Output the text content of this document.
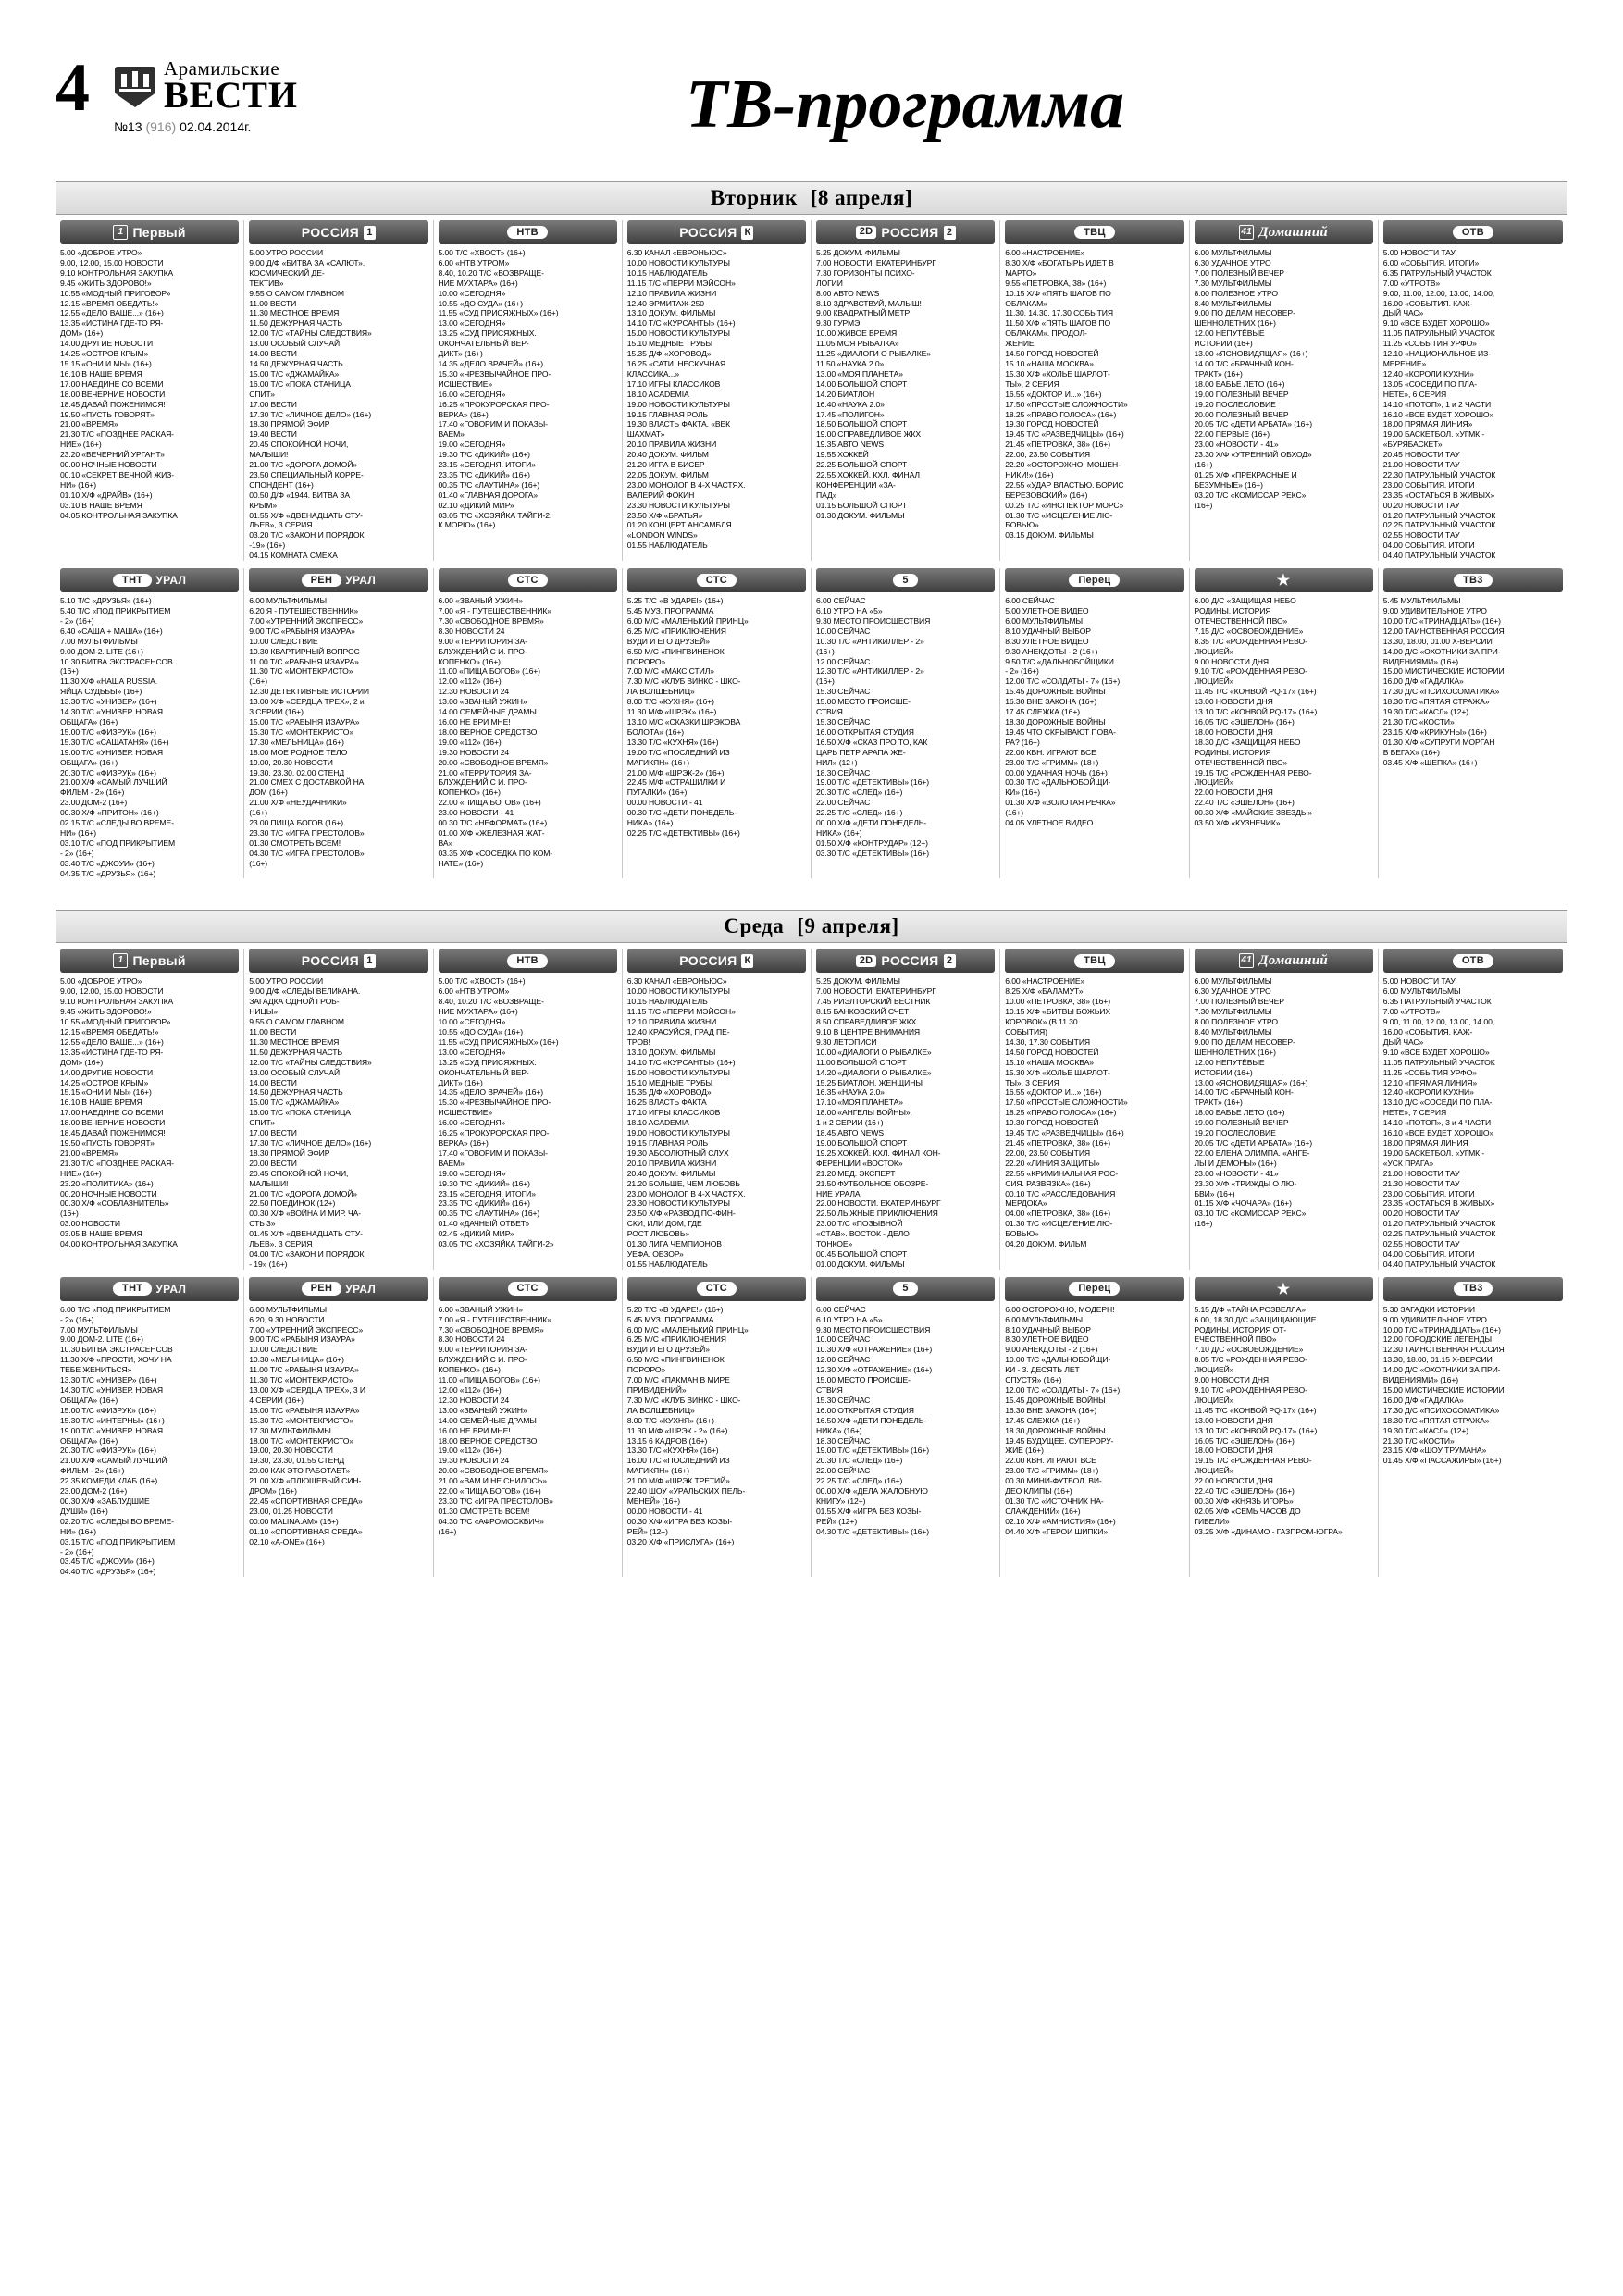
4	Арамильские
ВЕСТИ
№13 (916) 02.04.2014г.	ТВ-программа
Вторник [8 апреля]
1 Первый
5.00 «ДОБРОЕ УТРО»
9.00, 12.00, 15.00 НОВОСТИ
9.10 КОНТРОЛЬНАЯ ЗАКУПКА
9.45 «ЖИТЬ ЗДОРОВО!»
10.55 «МОДНЫЙ ПРИГОВОР»
12.15 «ВРЕМЯ ОБЕДАТЬ!»
12.55 «ДЕЛО ВАШЕ...» (16+)
13.35 «ИСТИНА ГДЕ-ТО РЯ-
ДОМ» (16+)
14.00 ДРУГИЕ НОВОСТИ
14.25 «ОСТРОВ КРЫМ»
15.15 «ОНИ И МЫ» (16+)
16.10 В НАШЕ ВРЕМЯ
17.00 НАЕДИНЕ СО ВСЕМИ
18.00 ВЕЧЕРНИЕ НОВОСТИ
18.45 ДАВАЙ ПОЖЕНИМСЯ!
19.50 «ПУСТЬ ГОВОРЯТ»
21.00 «ВРЕМЯ»
21.30 Т/С «ПОЗДНЕЕ РАСКАЯ-
НИЕ» (16+)
23.20 «ВЕЧЕРНИЙ УРГАНТ»
00.00 НОЧНЫЕ НОВОСТИ
00.10 «СЕКРЕТ ВЕЧНОЙ ЖИЗ-
НИ» (16+)
01.10 Х/Ф «ДРАЙВ» (16+)
03.10 В НАШЕ ВРЕМЯ
04.05 КОНТРОЛЬНАЯ ЗАКУПКА
РОССИЯ 1
5.00 УТРО РОССИИ
9.00 Д/Ф «БИТВА ЗА «САЛЮТ».
КОСМИЧЕСКИЙ ДЕ-
ТЕКТИВ»
9.55 О САМОМ ГЛАВНОМ
11.00 ВЕСТИ
11.30 МЕСТНОЕ ВРЕМЯ
11.50 ДЕЖУРНАЯ ЧАСТЬ
12.00 Т/С «ТАЙНЫ СЛЕДСТВИЯ»
13.00 ОСОБЫЙ СЛУЧАЙ
14.00 ВЕСТИ
14.50 ДЕЖУРНАЯ ЧАСТЬ
15.00 Т/С «ДЖАМАЙКА»
16.00 Т/С «ПОКА СТАНИЦА
СПИТ»
17.00 ВЕСТИ
17.30 Т/С «ЛИЧНОЕ ДЕЛО» (16+)
18.30 ПРЯМОЙ ЭФИР
19.40 ВЕСТИ
20.45 СПОКОЙНОЙ НОЧИ,
МАЛЫШИ!
21.00 Т/С «ДОРОГА ДОМОЙ»
23.50 СПЕЦИАЛЬНЫЙ КОРРЕ-
СПОНДЕНТ (16+)
00.50 Д/Ф «1944. БИТВА ЗА
КРЫМ»
01.55 Х/Ф «ДВЕНАДЦАТЬ СТУ-
ЛЬЕВ», 3 СЕРИЯ
03.20 Т/С «ЗАКОН И ПОРЯДОК
-19» (16+)
04.15 КОМНАТА СМЕХА
НТВ
5.00 Т/С «ХВОСТ» (16+)
6.00 «НТВ УТРОМ»
8.40, 10.20 Т/С «ВОЗВРАЩЕ-
НИЕ МУХТАРА» (16+)
10.00 «СЕГОДНЯ»
10.55 «ДО СУДА» (16+)
11.55 «СУД ПРИСЯЖНЫХ» (16+)
13.00 «СЕГОДНЯ»
13.25 «СУД ПРИСЯЖНЫХ.
ОКОНЧАТЕЛЬНЫЙ ВЕР-
ДИКТ» (16+)
14.35 «ДЕЛО ВРАЧЕЙ» (16+)
15.30 «ЧРЕЗВЫЧАЙНОЕ ПРО-
ИСШЕСТВИЕ»
16.00 «СЕГОДНЯ»
16.25 «ПРОКУРОРСКАЯ ПРО-
ВЕРКА» (16+)
17.40 «ГОВОРИМ И ПОКАЗЫ-
ВАЕМ»
19.00 «СЕГОДНЯ»
19.30 Т/С «ДИКИЙ» (16+)
23.15 «СЕГОДНЯ. ИТОГИ»
23.35 Т/С «ДИКИЙ» (16+)
00.35 Т/С «ЛАУТИНА» (16+)
01.40 «ГЛАВНАЯ ДОРОГА»
02.10 «ДИКИЙ МИР»
03.05 Т/С «ХОЗЯЙКА ТАЙГИ-2.
К МОРЮ» (16+)
РОССИЯ К
6.30 КАНАЛ «ЕВРОНЬЮС»
10.00 НОВОСТИ КУЛЬТУРЫ
10.15 НАБЛЮДАТЕЛЬ
11.15 Т/С «ПЕРРИ МЭЙСОН»
12.10 ПРАВИЛА ЖИЗНИ
12.40 ЭРМИТАЖ-250
13.10 ДОКУМ. ФИЛЬМЫ
14.10 Т/С «КУРСАНТЫ» (16+)
15.00 НОВОСТИ КУЛЬТУРЫ
15.10 МЕДНЫЕ ТРУБЫ
15.35 Д/Ф «ХОРОВОД»
16.25 «САТИ. НЕСКУЧНАЯ
КЛАССИКА...»
17.10 ИГРЫ КЛАССИКОВ
18.10 ACADEMIA
19.00 НОВОСТИ КУЛЬТУРЫ
19.15 ГЛАВНАЯ РОЛЬ
19.30 ВЛАСТЬ ФАКТА. «ВЕК
ШАХМАТ»
20.10 ПРАВИЛА ЖИЗНИ
20.40 ДОКУМ. ФИЛЬМ
21.20 ИГРА В БИСЕР
22.05 ДОКУМ. ФИЛЬМ
23.00 МОНОЛОГ В 4-Х ЧАСТЯХ.
ВАЛЕРИЙ ФОКИН
23.30 НОВОСТИ КУЛЬТУРЫ
23.50 Х/Ф «БРАТЬЯ»
01.20 КОНЦЕРТ АНСАМБЛЯ
«LONDON WINDS»
01.55 НАБЛЮДАТЕЛЬ
2D РОССИЯ 2
5.25 ДОКУМ. ФИЛЬМЫ
7.00 НОВОСТИ. ЕКАТЕРИНБУРГ
7.30 ГОРИЗОНТЫ ПСИХО-
ЛОГИИ
8.00 АВТО NEWS
8.10 ЗДРАВСТВУЙ, МАЛЫШ!
9.00 КВАДРАТНЫЙ МЕТР
9.30 ГУРМЭ
10.00 ЖИВОЕ ВРЕМЯ
11.05 МОЯ РЫБАЛКА»
11.25 «ДИАЛОГИ О РЫБАЛКЕ»
11.50 «НАУКА 2.0»
13.00 «МОЯ ПЛАНЕТА»
14.00 БОЛЬШОЙ СПОРТ
14.20 БИАТЛОН
16.40 «НАУКА 2.0»
17.45 «ПОЛИГОН»
18.50 БОЛЬШОЙ СПОРТ
19.00 СПРАВЕДЛИВОЕ ЖКХ
19.35 АВТО NEWS
19.55 ХОККЕЙ
22.25 БОЛЬШОЙ СПОРТ
22.55 ХОККЕЙ. КХЛ. ФИНАЛ
КОНФЕРЕНЦИИ «ЗА-
ПАД»
01.15 БОЛЬШОЙ СПОРТ
01.30 ДОКУМ. ФИЛЬМЫ
ТВЦ
6.00 «НАСТРОЕНИЕ»
8.30 Х/Ф «БОГАТЫРЬ ИДЕТ В
МАРТО»
9.55 «ПЕТРОВКА, 38» (16+)
10.15 Х/Ф «ПЯТЬ ШАГОВ ПО
ОБЛАКАМ»
11.30, 14.30, 17.30 СОБЫТИЯ
11.50 Х/Ф «ПЯТЬ ШАГОВ ПО
ОБЛАКАМ». ПРОДОЛ-
ЖЕНИЕ
14.50 ГОРОД НОВОСТЕЙ
15.10 «НАША МОСКВА»
15.30 Х/Ф «КОЛЬЕ ШАРЛОТ-
ТЫ», 2 СЕРИЯ
16.55 «ДОКТОР И...» (16+)
17.50 «ПРОСТЫЕ СЛОЖНОСТИ»
18.25 «ПРАВО ГОЛОСА» (16+)
19.30 ГОРОД НОВОСТЕЙ
19.45 Т/С «РАЗВЕДЧИЦЫ» (16+)
21.45 «ПЕТРОВКА, 38» (16+)
22.00, 23.50 СОБЫТИЯ
22.20 «ОСТОРОЖНО, МОШЕН-
НИКИ!» (16+)
22.55 «УДАР ВЛАСТЬЮ. БОРИС
БЕРЕЗОВСКИЙ» (16+)
00.25 Т/С «ИНСПЕКТОР МОРС»
01.30 Т/С «ИСЦЕЛЕНИЕ ЛЮ-
БОВЬЮ»
03.15 ДОКУМ. ФИЛЬМЫ
41 Домашний
6.00 МУЛЬТФИЛЬМЫ
6.30 УДАЧНОЕ УТРО
7.00 ПОЛЕЗНЫЙ ВЕЧЕР
7.30 МУЛЬТФИЛЬМЫ
8.00 ПОЛЕЗНОЕ УТРО
8.40 МУЛЬТФИЛЬМЫ
9.00 ПО ДЕЛАМ НЕСОВЕР-
ШЕННОЛЕТНИХ (16+)
12.00 НЕПУТЁВЫЕ
ИСТОРИИ (16+)
13.00 «ЯСНОВИДЯЩАЯ» (16+)
14.00 Т/С «БРАЧНЫЙ КОН-
ТРАКТ» (16+)
18.00 БАБЬЕ ЛЕТО (16+)
19.00 ПОЛЕЗНЫЙ ВЕЧЕР
19.20 ПОСЛЕСЛОВИЕ
20.00 ПОЛЕЗНЫЙ ВЕЧЕР
20.05 Т/С «ДЕТИ АРБАТА» (16+)
22.00 ПЕРВЫЕ (16+)
23.00 «НОВОСТИ - 41»
23.30 Х/Ф «УТРЕННИЙ ОБХОД»
(16+)
01.25 Х/Ф «ПРЕКРАСНЫЕ И
БЕЗУМНЫЕ» (16+)
03.20 Т/С «КОМИССАР РЕКС»
(16+)
ОТВ
5.00 НОВОСТИ ТАУ
6.00 «СОБЫТИЯ. ИТОГИ»
6.35 ПАТРУЛЬНЫЙ УЧАСТОК
7.00 «УТРОТВ»
9.00, 11.00, 12.00, 13.00, 14.00,
16.00 «СОБЫТИЯ. КАЖ-
ДЫЙ ЧАС»
9.10 «ВСЕ БУДЕТ ХОРОШО»
11.05 ПАТРУЛЬНЫЙ УЧАСТОК
11.25 «СОБЫТИЯ УРФО»
12.10 «НАЦИОНАЛЬНОЕ ИЗ-
МЕРЕНИЕ»
12.40 «КОРОЛИ КУХНИ»
13.05 «СОСЕДИ ПО ПЛА-
НЕТЕ», 6 СЕРИЯ
14.10 «ПОТОП», 1 и 2 ЧАСТИ
16.10 «ВСЕ БУДЕТ ХОРОШО»
18.00 ПРЯМАЯ ЛИНИЯ»
19.00 БАСКЕТБОЛ. «УГМК -
«БУРЯБАСКЕТ»
20.45 НОВОСТИ ТАУ
21.00 НОВОСТИ ТАУ
22.30 ПАТРУЛЬНЫЙ УЧАСТОК
23.00 СОБЫТИЯ. ИТОГИ
23.35 «ОСТАТЬСЯ В ЖИВЫХ»
00.20 НОВОСТИ ТАУ
01.20 ПАТРУЛЬНЫЙ УЧАСТОК
02.25 ПАТРУЛЬНЫЙ УЧАСТОК
02.55 НОВОСТИ ТАУ
04.00 СОБЫТИЯ. ИТОГИ
04.40 ПАТРУЛЬНЫЙ УЧАСТОК
ТНТ	УРАЛ
5.10 Т/С «ДРУЗЬЯ» (16+)
5.40 Т/С «ПОД ПРИКРЫТИЕМ
- 2» (16+)
6.40 «САША + МАША» (16+)
7.00 МУЛЬТФИЛЬМЫ
9.00 ДОМ-2. LITE (16+)
10.30 БИТВА ЭКСТРАСЕНСОВ
(16+)
11.30 Х/Ф «НАША RUSSIA.
ЯЙЦА СУДЬБЫ» (16+)
13.30 Т/С «УНИВЕР» (16+)
14.30 Т/С «УНИВЕР. НОВАЯ
ОБЩАГА» (16+)
15.00 Т/С «ФИЗРУК» (16+)
15.30 Т/С «САШАТАНЯ» (16+)
19.00 Т/С «УНИВЕР. НОВАЯ
ОБЩАГА» (16+)
20.30 Т/С «ФИЗРУК» (16+)
21.00 Х/Ф «САМЫЙ ЛУЧШИЙ
ФИЛЬМ - 2» (16+)
23.00 ДОМ-2 (16+)
00.30 Х/Ф «ПРИТОН» (16+)
02.15 Т/С «СЛЕДЫ ВО ВРЕМЕ-
НИ» (16+)
03.10 Т/С «ПОД ПРИКРЫТИЕМ
- 2» (16+)
03.40 Т/С «ДЖОУИ» (16+)
04.35 Т/С «ДРУЗЬЯ» (16+)
РЕН	УРАЛ
6.00 МУЛЬТФИЛЬМЫ
6.20 Я - ПУТЕШЕСТВЕННИК»
7.00 «УТРЕННИЙ ЭКСПРЕСС»
9.00 Т/С «РАБЫНЯ ИЗАУРА»
10.00 СЛЕДСТВИЕ
10.30 КВАРТИРНЫЙ ВОПРОС
11.00 Т/С «РАБЫНЯ ИЗАУРА»
11.30 Т/С «МОНТЕКРИСТО»
(16+)
12.30 ДЕТЕКТИВНЫЕ ИСТОРИИ
13.00 Х/Ф «СЕРДЦА ТРЕХ», 2 и
3 СЕРИИ (16+)
15.00 Т/С «РАБЫНЯ ИЗАУРА»
15.30 Т/С «МОНТЕКРИСТО»
17.30 «МЕЛЬНИЦА» (16+)
18.00 МОЕ РОДНОЕ ТЕЛО
19.00, 20.30 НОВОСТИ
19.30, 23.30, 02.00 СТЕНД
21.00 СМЕХ С ДОСТАВКОЙ НА
ДОМ (16+)
21.00 Х/Ф «НЕУДАЧНИКИ»
(16+)
23.00 ПИЩА БОГОВ (16+)
23.30 Т/С «ИГРА ПРЕСТОЛОВ»
01.30 СМОТРЕТЬ ВСЕМ!
04.30 Т/С «ИГРА ПРЕСТОЛОВ»
(16+)
СТС
6.00 «ЗВАНЫЙ УЖИН»
7.00 «Я - ПУТЕШЕСТВЕННИК»
7.30 «СВОБОДНОЕ ВРЕМЯ»
8.30 НОВОСТИ 24
9.00 «ТЕРРИТОРИЯ ЗА-
БЛУЖДЕНИЙ С И. ПРО-
КОПЕНКО» (16+)
11.00 «ПИЩА БОГОВ» (16+)
12.00 «112» (16+)
12.30 НОВОСТИ 24
13.00 «ЗВАНЫЙ УЖИН»
14.00 СЕМЕЙНЫЕ ДРАМЫ
16.00 НЕ ВРИ МНЕ!
18.00 ВЕРНОЕ СРЕДСТВО
19.00 «112» (16+)
19.30 НОВОСТИ 24
20.00 «СВОБОДНОЕ ВРЕМЯ»
21.00 «ТЕРРИТОРИЯ ЗА-
БЛУЖДЕНИЙ С И. ПРО-
КОПЕНКО» (16+)
22.00 «ПИЩА БОГОВ» (16+)
23.00 НОВОСТИ - 41
00.30 Т/С «НЕФОРМАТ» (16+)
01.00 Х/Ф «ЖЕЛЕЗНАЯ ЖАТ-
ВА»
03.35 Х/Ф «СОСЕДКА ПО КОМ-
НАТЕ» (16+)
СТС
5.25 Т/С «В УДАРЕ!» (16+)
5.45 МУЗ. ПРОГРАММА
6.00 М/С «МАЛЕНЬКИЙ ПРИНЦ»
6.25 М/С «ПРИКЛЮЧЕНИЯ
ВУДИ И ЕГО ДРУЗЕЙ»
6.50 М/С «ПИНГВИНЕНОК
ПОРОРО»
7.00 М/С «МАКС СТИЛ»
7.30 М/С «КЛУБ ВИНКС - ШКО-
ЛА ВОЛШЕБНИЦ»
8.00 Т/С «КУХНЯ» (16+)
11.30 М/Ф «ШРЭК» (16+)
13.10 М/С «СКАЗКИ ШРЭКОВА
БОЛОТА» (16+)
13.30 Т/С «КУХНЯ» (16+)
19.00 Т/С «ПОСЛЕДНИЙ ИЗ
МАГИКЯН» (16+)
21.00 М/Ф «ШРЭК-2» (16+)
22.45 М/Ф «СТРАШИЛКИ И
ПУГАЛКИ» (16+)
00.00 НОВОСТИ - 41
00.30 Т/С «ДЕТИ ПОНЕДЕЛЬ-
НИКА» (16+)
02.25 Т/С «ДЕТЕКТИВЫ» (16+)
5
6.00 СЕЙЧАС
6.10 УТРО НА «5»
9.30 МЕСТО ПРОИСШЕСТВИЯ
10.00 СЕЙЧАС
10.30 Т/С «АНТИКИЛЛЕР - 2»
(16+)
12.00 СЕЙЧАС
12.30 Т/С «АНТИКИЛЛЕР - 2»
(16+)
15.30 СЕЙЧАС
15.00 МЕСТО ПРОИСШЕ-
СТВИЯ
15.30 СЕЙЧАС
16.00 ОТКРЫТАЯ СТУДИЯ
16.50 Х/Ф «СКАЗ ПРО ТО, КАК
ЦАРЬ ПЕТР АРАПА ЖЕ-
НИЛ» (12+)
18.30 СЕЙЧАС
19.00 Т/С «ДЕТЕКТИВЫ» (16+)
20.30 Т/С «СЛЕД» (16+)
22.00 СЕЙЧАС
22.25 Т/С «СЛЕД» (16+)
00.00 Х/Ф «ДЕТИ ПОНЕДЕЛЬ-
НИКА» (16+)
01.50 Х/Ф «КОНТРУДАР» (12+)
03.30 Т/С «ДЕТЕКТИВЫ» (16+)
Перец
6.00 СЕЙЧАС
5.00 УЛЕТНОЕ ВИДЕО
6.00 МУЛЬТФИЛЬМЫ
8.10 УДАЧНЫЙ ВЫБОР
8.30 УЛЕТНОЕ ВИДЕО
9.30 АНЕКДОТЫ - 2 (16+)
9.50 Т/С «ДАЛЬНОБОЙЩИКИ
- 2» (16+)
12.00 Т/С «СОЛДАТЫ - 7» (16+)
15.45 ДОРОЖНЫЕ ВОЙНЫ
16.30 ВНЕ ЗАКОНА (16+)
17.45 СЛЕЖКА (16+)
18.30 ДОРОЖНЫЕ ВОЙНЫ
19.45 ЧТО СКРЫВАЮТ ПОВА-
РА? (16+)
22.00 КВН. ИГРАЮТ ВСЕ
23.00 Т/С «ГРИММ» (18+)
00.00 УДАЧНАЯ НОЧЬ (16+)
00.30 Т/С «ДАЛЬНОБОЙЩИ-
КИ» (16+)
01.30 Х/Ф «ЗОЛОТАЯ РЕЧКА»
(16+)
04.05 УЛЕТНОЕ ВИДЕО
★
6.00 Д/С «ЗАЩИЩАЯ НЕБО
РОДИНЫ. ИСТОРИЯ
ОТЕЧЕСТВЕННОЙ ПВО»
7.15 Д/С «ОСВОБОЖДЕНИЕ»
8.35 Т/С «РОЖДЕННАЯ РЕВО-
ЛЮЦИЕЙ»
9.00 НОВОСТИ ДНЯ
9.10 Т/С «РОЖДЕННАЯ РЕВО-
ЛЮЦИЕЙ»
11.45 Т/С «КОНВОЙ PQ-17» (16+)
13.00 НОВОСТИ ДНЯ
13.10 Т/С «КОНВОЙ PQ-17» (16+)
16.05 Т/С «ЭШЕЛОН» (16+)
18.00 НОВОСТИ ДНЯ
18.30 Д/С «ЗАЩИЩАЯ НЕБО
РОДИНЫ. ИСТОРИЯ
ОТЕЧЕСТВЕННОЙ ПВО»
19.15 Т/С «РОЖДЕННАЯ РЕВО-
ЛЮЦИЕЙ»
22.00 НОВОСТИ ДНЯ
22.40 Т/С «ЭШЕЛОН» (16+)
00.30 Х/Ф «МАЙСКИЕ ЗВЕЗДЫ»
03.50 Х/Ф «КУЗНЕЧИК»
ТВ3
5.45 МУЛЬТФИЛЬМЫ
9.00 УДИВИТЕЛЬНОЕ УТРО
10.00 Т/С «ТРИНАДЦАТЬ» (16+)
12.00 ТАИНСТВЕННАЯ РОССИЯ
13.30, 18.00, 01.00 Х-ВЕРСИИ
14.00 Д/С «ОХОТНИКИ ЗА ПРИ-
ВИДЕНИЯМИ» (16+)
15.00 МИСТИЧЕСКИЕ ИСТОРИИ
16.00 Д/Ф «ГАДАЛКА»
17.30 Д/С «ПСИХОСОМАТИКА»
18.30 Т/С «ПЯТАЯ СТРАЖА»
19.30 Т/С «КАСЛ» (12+)
21.30 Т/С «КОСТИ»
23.15 Х/Ф «КРИКУНЫ» (16+)
01.30 Х/Ф «СУПРУГИ МОРГАН
В БЕГАХ» (16+)
03.45 Х/Ф «ЩЕПКА» (16+)
Среда [9 апреля]
1 Первый
5.00 «ДОБРОЕ УТРО»
9.00, 12.00, 15.00 НОВОСТИ
9.10 КОНТРОЛЬНАЯ ЗАКУПКА
9.45 «ЖИТЬ ЗДОРОВО!»
10.55 «МОДНЫЙ ПРИГОВОР»
12.15 «ВРЕМЯ ОБЕДАТЬ!»
12.55 «ДЕЛО ВАШЕ...» (16+)
13.35 «ИСТИНА ГДЕ-ТО РЯ-
ДОМ» (16+)
14.00 ДРУГИЕ НОВОСТИ
14.25 «ОСТРОВ КРЫМ»
15.15 «ОНИ И МЫ» (16+)
16.10 В НАШЕ ВРЕМЯ
17.00 НАЕДИНЕ СО ВСЕМИ
18.00 ВЕЧЕРНИЕ НОВОСТИ
18.45 ДАВАЙ ПОЖЕНИМСЯ!
19.50 «ПУСТЬ ГОВОРЯТ»
21.00 «ВРЕМЯ»
21.30 Т/С «ПОЗДНЕЕ РАСКАЯ-
НИЕ» (16+)
23.20 «ПОЛИТИКА» (16+)
00.20 НОЧНЫЕ НОВОСТИ
00.30 Х/Ф «СОБЛАЗНИТЕЛЬ»
(16+)
03.00 НОВОСТИ
03.05 В НАШЕ ВРЕМЯ
04.00 КОНТРОЛЬНАЯ ЗАКУПКА
РОССИЯ 1
5.00 УТРО РОССИИ
9.00 Д/Ф «СЛЕДЫ ВЕЛИКАНА.
ЗАГАДКА ОДНОЙ ГРОБ-
НИЦЫ»
9.55 О САМОМ ГЛАВНОМ
11.00 ВЕСТИ
11.30 МЕСТНОЕ ВРЕМЯ
11.50 ДЕЖУРНАЯ ЧАСТЬ
12.00 Т/С «ТАЙНЫ СЛЕДСТВИЯ»
13.00 ОСОБЫЙ СЛУЧАЙ
14.00 ВЕСТИ
14.50 ДЕЖУРНАЯ ЧАСТЬ
15.00 Т/С «ДЖАМАЙКА»
16.00 Т/С «ПОКА СТАНИЦА
СПИТ»
17.00 ВЕСТИ
17.30 Т/С «ЛИЧНОЕ ДЕЛО» (16+)
18.30 ПРЯМОЙ ЭФИР
20.00 ВЕСТИ
20.45 СПОКОЙНОЙ НОЧИ,
МАЛЫШИ!
21.00 Т/С «ДОРОГА ДОМОЙ»
22.50 ПОЕДИНОК (12+)
00.30 Х/Ф «ВОЙНА И МИР. ЧА-
СТЬ 3»
01.45 Х/Ф «ДВЕНАДЦАТЬ СТУ-
ЛЬЕВ», 3 СЕРИЯ
04.00 Т/С «ЗАКОН И ПОРЯДОК
- 19» (16+)
НТВ
5.00 Т/С «ХВОСТ» (16+)
6.00 «НТВ УТРОМ»
8.40, 10.20 Т/С «ВОЗВРАЩЕ-
НИЕ МУХТАРА» (16+)
10.00 «СЕГОДНЯ»
10.55 «ДО СУДА» (16+)
11.55 «СУД ПРИСЯЖНЫХ» (16+)
13.00 «СЕГОДНЯ»
13.25 «СУД ПРИСЯЖНЫХ.
ОКОНЧАТЕЛЬНЫЙ ВЕР-
ДИКТ» (16+)
14.35 «ДЕЛО ВРАЧЕЙ» (16+)
15.30 «ЧРЕЗВЫЧАЙНОЕ ПРО-
ИСШЕСТВИЕ»
16.00 «СЕГОДНЯ»
16.25 «ПРОКУРОРСКАЯ ПРО-
ВЕРКА» (16+)
17.40 «ГОВОРИМ И ПОКАЗЫ-
ВАЕМ»
19.00 «СЕГОДНЯ»
19.30 Т/С «ДИКИЙ» (16+)
23.15 «СЕГОДНЯ. ИТОГИ»
23.35 Т/С «ДИКИЙ» (16+)
00.35 Т/С «ЛАУТИНА» (16+)
01.40 «ДАЧНЫЙ ОТВЕТ»
02.45 «ДИКИЙ МИР»
03.05 Т/С «ХОЗЯЙКА ТАЙГИ-2»
РОССИЯ К
6.30 КАНАЛ «ЕВРОНЬЮС»
10.00 НОВОСТИ КУЛЬТУРЫ
10.15 НАБЛЮДАТЕЛЬ
11.15 Т/С «ПЕРРИ МЭЙСОН»
12.10 ПРАВИЛА ЖИЗНИ
12.40 КРАСУЙСЯ, ГРАД ПЕ-
ТРОВ!
13.10 ДОКУМ. ФИЛЬМЫ
14.10 Т/С «КУРСАНТЫ» (16+)
15.00 НОВОСТИ КУЛЬТУРЫ
15.10 МЕДНЫЕ ТРУБЫ
15.35 Д/Ф «ХОРОВОД»
16.25 ВЛАСТЬ ФАКТА
17.10 ИГРЫ КЛАССИКОВ
18.10 ACADEMIA
19.00 НОВОСТИ КУЛЬТУРЫ
19.15 ГЛАВНАЯ РОЛЬ
19.30 АБСОЛЮТНЫЙ СЛУХ
20.10 ПРАВИЛА ЖИЗНИ
20.40 ДОКУМ. ФИЛЬМЫ
21.20 БОЛЬШЕ, ЧЕМ ЛЮБОВЬ
23.00 МОНОЛОГ В 4-Х ЧАСТЯХ.
23.30 НОВОСТИ КУЛЬТУРЫ
23.50 Х/Ф «РАЗВОД ПО-ФИН-
СКИ, ИЛИ ДОМ, ГДЕ
РОСТ ЛЮБОВЬ»
01.30 ЛИГА ЧЕМПИОНОВ
УЕФА. ОБЗОР»
01.55 НАБЛЮДАТЕЛЬ
2D РОССИЯ 2
5.25 ДОКУМ. ФИЛЬМЫ
7.00 НОВОСТИ. ЕКАТЕРИНБУРГ
7.45 РИЭЛТОРСКИЙ ВЕСТНИК
8.15 БАНКОВСКИЙ СЧЕТ
8.50 СПРАВЕДЛИВОЕ ЖКХ
9.10 В ЦЕНТРЕ ВНИМАНИЯ
9.30 ЛЕТОПИСИ
10.00 «ДИАЛОГИ О РЫБАЛКЕ»
11.00 БОЛЬШОЙ СПОРТ
14.20 «ДИАЛОГИ О РЫБАЛКЕ»
15.25 БИАТЛОН. ЖЕНЩИНЫ
16.35 «НАУКА 2.0»
17.10 «МОЯ ПЛАНЕТА»
18.00 «АНГЕЛЫ ВОЙНЫ»,
1 и 2 СЕРИИ (16+)
18.45 АВТО NEWS
19.00 БОЛЬШОЙ СПОРТ
19.25 ХОККЕЙ. КХЛ. ФИНАЛ КОН-
ФЕРЕНЦИИ «ВОСТОК»
21.20 МЕД. ЭКСПЕРТ
21.50 ФУТБОЛЬНОЕ ОБОЗРЕ-
НИЕ УРАЛА
22.00 НОВОСТИ. ЕКАТЕРИНБУРГ
22.50 ЛЫЖНЫЕ ПРИКЛЮЧЕНИЯ
23.00 Т/С «ПОЗЫВНОЙ
«СТАВ». ВОСТОК - ДЕЛО
ТОНКОЕ»
00.45 БОЛЬШОЙ СПОРТ
01.00 ДОКУМ. ФИЛЬМЫ
ТВЦ
6.00 «НАСТРОЕНИЕ»
8.25 Х/Ф «БАЛАМУТ»
10.00 «ПЕТРОВКА, 38» (16+)
10.15 Х/Ф «БИТВЫ БОЖЬИХ
КОРОВОК» (В 11.30
СОБЫТИЯ)
14.30, 17.30 СОБЫТИЯ
14.50 ГОРОД НОВОСТЕЙ
15.10 «НАША МОСКВА»
15.30 Х/Ф «КОЛЬЕ ШАРЛОТ-
ТЫ», 3 СЕРИЯ
16.55 «ДОКТОР И...» (16+)
17.50 «ПРОСТЫЕ СЛОЖНОСТИ»
18.25 «ПРАВО ГОЛОСА» (16+)
19.30 ГОРОД НОВОСТЕЙ
19.45 Т/С «РАЗВЕДЧИЦЫ» (16+)
21.45 «ПЕТРОВКА, 38» (16+)
22.00, 23.50 СОБЫТИЯ
22.20 «ЛИНИЯ ЗАЩИТЫ»
22.55 «КРИМИНАЛЬНАЯ РОС-
СИЯ. РАЗВЯЗКА» (16+)
00.10 Т/С «РАССЛЕДОВАНИЯ
МЕРДОКА»
04.00 «ПЕТРОВКА, 38» (16+)
01.30 Т/С «ИСЦЕЛЕНИЕ ЛЮ-
БОВЬЮ»
04.20 ДОКУМ. ФИЛЬМ
41 Домашний
6.00 МУЛЬТФИЛЬМЫ
6.30 УДАЧНОЕ УТРО
7.00 ПОЛЕЗНЫЙ ВЕЧЕР
7.30 МУЛЬТФИЛЬМЫ
8.00 ПОЛЕЗНОЕ УТРО
8.40 МУЛЬТФИЛЬМЫ
9.00 ПО ДЕЛАМ НЕСОВЕР-
ШЕННОЛЕТНИХ (16+)
12.00 НЕПУТЁВЫЕ
ИСТОРИИ (16+)
13.00 «ЯСНОВИДЯЩАЯ» (16+)
14.00 Т/С «БРАЧНЫЙ КОН-
ТРАКТ» (16+)
18.00 БАБЬЕ ЛЕТО (16+)
19.00 ПОЛЕЗНЫЙ ВЕЧЕР
19.20 ПОСЛЕСЛОВИЕ
20.05 Т/С «ДЕТИ АРБАТА» (16+)
22.00 ЕЛЕНА ОЛИМПА. «АНГЕ-
ЛЫ И ДЕМОНЫ» (16+)
23.00 «НОВОСТИ - 41»
23.30 Х/Ф «ТРИЖДЫ О ЛЮ-
БВИ» (16+)
01.15 Х/Ф «ЧОЧАРА» (16+)
03.10 Т/С «КОМИССАР РЕКС»
(16+)
ОТВ
5.00 НОВОСТИ ТАУ
6.00 МУЛЬТФИЛЬМЫ
6.35 ПАТРУЛЬНЫЙ УЧАСТОК
7.00 «УТРОТВ»
9.00, 11.00, 12.00, 13.00, 14.00,
16.00 «СОБЫТИЯ. КАЖ-
ДЫЙ ЧАС»
9.10 «ВСЕ БУДЕТ ХОРОШО»
11.05 ПАТРУЛЬНЫЙ УЧАСТОК
11.25 «СОБЫТИЯ УРФО»
12.10 «ПРЯМАЯ ЛИНИЯ»
12.40 «КОРОЛИ КУХНИ»
13.10 Д/С «СОСЕДИ ПО ПЛА-
НЕТЕ», 7 СЕРИЯ
14.10 «ПОТОП», 3 и 4 ЧАСТИ
16.10 «ВСЕ БУДЕТ ХОРОШО»
18.00 ПРЯМАЯ ЛИНИЯ
19.00 БАСКЕТБОЛ. «УГМК -
«УСК ПРАГА»
21.00 НОВОСТИ ТАУ
21.30 НОВОСТИ ТАУ
23.00 СОБЫТИЯ. ИТОГИ
23.35 «ОСТАТЬСЯ В ЖИВЫХ»
00.20 НОВОСТИ ТАУ
01.20 ПАТРУЛЬНЫЙ УЧАСТОК
02.25 ПАТРУЛЬНЫЙ УЧАСТОК
02.55 НОВОСТИ ТАУ
04.00 СОБЫТИЯ. ИТОГИ
04.40 ПАТРУЛЬНЫЙ УЧАСТОК
ТНТ	УРАЛ
6.00 Т/С «ПОД ПРИКРЫТИЕМ
- 2» (16+)
7.00 МУЛЬТФИЛЬМЫ
9.00 ДОМ-2. LITE (16+)
10.30 БИТВА ЭКСТРАСЕНСОВ
11.30 Х/Ф «ПРОСТИ, ХОЧУ НА
ТЕБЕ ЖЕНИТЬСЯ»
13.30 Т/С «УНИВЕР» (16+)
14.30 Т/С «УНИВЕР. НОВАЯ
ОБЩАГА» (16+)
15.00 Т/С «ФИЗРУК» (16+)
15.30 Т/С «ИНТЕРНЫ» (16+)
19.00 Т/С «УНИВЕР. НОВАЯ
ОБЩАГА» (16+)
20.30 Т/С «ФИЗРУК» (16+)
21.00 Х/Ф «САМЫЙ ЛУЧШИЙ
ФИЛЬМ - 2» (16+)
22.35 КОМЕДИ КЛАБ (16+)
23.00 ДОМ-2 (16+)
00.30 Х/Ф «ЗАБЛУДШИЕ
ДУШИ» (16+)
02.20 Т/С «СЛЕДЫ ВО ВРЕМЕ-
НИ» (16+)
03.15 Т/С «ПОД ПРИКРЫТИЕМ
- 2» (16+)
03.45 Т/С «ДЖОУИ» (16+)
04.40 Т/С «ДРУЗЬЯ» (16+)
РЕН	УРАЛ
6.00 МУЛЬТФИЛЬМЫ
6.20, 9.30 НОВОСТИ
7.00 «УТРЕННИЙ ЭКСПРЕСС»
9.00 Т/С «РАБЫНЯ ИЗАУРА»
10.00 СЛЕДСТВИЕ
10.30 «МЕЛЬНИЦА» (16+)
11.00 Т/С «РАБЫНЯ ИЗАУРА»
11.30 Т/С «МОНТЕКРИСТО»
13.00 Х/Ф «СЕРДЦА ТРЕХ», 3 И
4 СЕРИИ (16+)
15.00 Т/С «РАБЫНЯ ИЗАУРА»
15.30 Т/С «МОНТЕКРИСТО»
17.30 МУЛЬТФИЛЬМЫ
18.00 Т/С «МОНТЕКРИСТО»
19.00, 20.30 НОВОСТИ
19.30, 23.30, 01.55 СТЕНД
20.00 КАК ЭТО РАБОТАЕТ»
21.00 Х/Ф «ПЛЮЩЕВЫЙ СИН-
ДРОМ» (16+)
22.45 «СПОРТИВНАЯ СРЕДА»
23.00, 01.25 НОВОСТИ
00.00 MALINA.AM» (16+)
01.10 «СПОРТИВНАЯ СРЕДА»
02.10 «A-ONE» (16+)
СТС
6.00 «ЗВАНЫЙ УЖИН»
7.00 «Я - ПУТЕШЕСТВЕННИК»
7.30 «СВОБОДНОЕ ВРЕМЯ»
8.30 НОВОСТИ 24
9.00 «ТЕРРИТОРИЯ ЗА-
БЛУЖДЕНИЙ С И. ПРО-
КОПЕНКО» (16+)
11.00 «ПИЩА БОГОВ» (16+)
12.00 «112» (16+)
12.30 НОВОСТИ 24
13.00 «ЗВАНЫЙ УЖИН»
14.00 СЕМЕЙНЫЕ ДРАМЫ
16.00 НЕ ВРИ МНЕ!
18.00 ВЕРНОЕ СРЕДСТВО
19.00 «112» (16+)
19.30 НОВОСТИ 24
20.00 «СВОБОДНОЕ ВРЕМЯ»
21.00 «ВАМ И НЕ СНИЛОСЬ»
22.00 «ПИЩА БОГОВ» (16+)
23.30 Т/С «ИГРА ПРЕСТОЛОВ»
01.30 СМОТРЕТЬ ВСЕМ!
04.30 Т/С «АФРОМОСКВИЧ»
(16+)
СТС
5.20 Т/С «В УДАРЕ!» (16+)
5.45 МУЗ. ПРОГРАММА
6.00 М/С «МАЛЕНЬКИЙ ПРИНЦ»
6.25 М/С «ПРИКЛЮЧЕНИЯ
ВУДИ И ЕГО ДРУЗЕЙ»
6.50 М/С «ПИНГВИНЕНОК
ПОРОРО»
7.00 М/С «ПАКМАН В МИРЕ
ПРИВИДЕНИЙ»
7.30 М/С «КЛУБ ВИНКС - ШКО-
ЛА ВОЛШЕБНИЦ»
8.00 Т/С «КУХНЯ» (16+)
11.30 М/Ф «ШРЭК - 2» (16+)
13.15 6 КАДРОВ (16+)
13.30 Т/С «КУХНЯ» (16+)
16.00 Т/С «ПОСЛЕДНИЙ ИЗ
МАГИКЯН» (16+)
21.00 М/Ф «ШРЭК ТРЕТИЙ»
22.40 ШОУ «УРАЛЬСКИХ ПЕЛЬ-
МЕНЕЙ» (16+)
00.00 НОВОСТИ - 41
00.30 Х/Ф «ИГРА БЕЗ КОЗЫ-
РЕЙ» (12+)
03.20 Х/Ф «ПРИСЛУГА» (16+)
5
6.00 СЕЙЧАС
6.10 УТРО НА «5»
9.30 МЕСТО ПРОИСШЕСТВИЯ
10.00 СЕЙЧАС
10.30 Х/Ф «ОТРАЖЕНИЕ» (16+)
12.00 СЕЙЧАС
12.30 Х/Ф «ОТРАЖЕНИЕ» (16+)
15.00 МЕСТО ПРОИСШЕ-
СТВИЯ
15.30 СЕЙЧАС
16.00 ОТКРЫТАЯ СТУДИЯ
16.50 Х/Ф «ДЕТИ ПОНЕДЕЛЬ-
НИКА» (16+)
18.30 СЕЙЧАС
19.00 Т/С «ДЕТЕКТИВЫ» (16+)
20.30 Т/С «СЛЕД» (16+)
22.00 СЕЙЧАС
22.25 Т/С «СЛЕД» (16+)
00.00 Х/Ф «ДЕЛА ЖАЛОБНУЮ
КНИГУ» (12+)
01.55 Х/Ф «ИГРА БЕЗ КОЗЫ-
РЕЙ» (12+)
04.30 Т/С «ДЕТЕКТИВЫ» (16+)
Перец
6.00 ОСТОРОЖНО, МОДЕРН!
6.00 МУЛЬТФИЛЬМЫ
8.10 УДАЧНЫЙ ВЫБОР
8.30 УЛЕТНОЕ ВИДЕО
9.00 АНЕКДОТЫ - 2 (16+)
10.00 Т/С «ДАЛЬНОБОЙЩИ-
КИ - 3. ДЕСЯТЬ ЛЕТ
СПУСТЯ» (16+)
12.00 Т/С «СОЛДАТЫ - 7» (16+)
15.45 ДОРОЖНЫЕ ВОЙНЫ
16.30 ВНЕ ЗАКОНА (16+)
17.45 СЛЕЖКА (16+)
18.30 ДОРОЖНЫЕ ВОЙНЫ
19.45 БУДУЩЕЕ. СУПЕРОРУ-
ЖИЕ (16+)
22.00 КВН. ИГРАЮТ ВСЕ
23.00 Т/С «ГРИММ» (18+)
00.30 МИНИ-ФУТБОЛ. ВИ-
ДЕО КЛИПЫ (16+)
01.30 Т/С «ИСТОЧНИК НА-
СЛАЖДЕНИЙ» (16+)
02.10 Х/Ф «АМНИСТИЯ» (16+)
04.40 Х/Ф «ГЕРОИ ШИПКИ»
★
5.15 Д/Ф «ТАЙНА РОЗВЕЛЛА»
6.00, 18.30 Д/С «ЗАЩИЩАЮЩИЕ
РОДИНЫ. ИСТОРИЯ ОТ-
ЕЧЕСТВЕННОЙ ПВО»
7.10 Д/С «ОСВОБОЖДЕНИЕ»
8.05 Т/С «РОЖДЕННАЯ РЕВО-
ЛЮЦИЕЙ»
9.00 НОВОСТИ ДНЯ
9.10 Т/С «РОЖДЕННАЯ РЕВО-
ЛЮЦИЕЙ»
11.45 Т/С «КОНВОЙ PQ-17» (16+)
13.00 НОВОСТИ ДНЯ
13.10 Т/С «КОНВОЙ PQ-17» (16+)
16.05 Т/С «ЭШЕЛОН» (16+)
18.00 НОВОСТИ ДНЯ
19.15 Т/С «РОЖДЕННАЯ РЕВО-
ЛЮЦИЕЙ»
22.00 НОВОСТИ ДНЯ
22.40 Т/С «ЭШЕЛОН» (16+)
00.30 Х/Ф «КНЯЗЬ ИГОРЬ»
02.05 Х/Ф «СЕМЬ ЧАСОВ ДО
ГИБЕЛИ»
03.25 Х/Ф «ДИНАМО - ГАЗПРОМ-ЮГРА»
ТВ3
5.30 ЗАГАДКИ ИСТОРИИ
9.00 УДИВИТЕЛЬНОЕ УТРО
10.00 Т/С «ТРИНАДЦАТЬ» (16+)
12.00 ГОРОДСКИЕ ЛЕГЕНДЫ
12.30 ТАИНСТВЕННАЯ РОССИЯ
13.30, 18.00, 01.15 Х-ВЕРСИИ
14.00 Д/С «ОХОТНИКИ ЗА ПРИ-
ВИДЕНИЯМИ» (16+)
15.00 МИСТИЧЕСКИЕ ИСТОРИИ
16.00 Д/Ф «ГАДАЛКА»
17.30 Д/С «ПСИХОСОМАТИКА»
18.30 Т/С «ПЯТАЯ СТРАЖА»
19.30 Т/С «КАСЛ» (12+)
21.30 Т/С «КОСТИ»
23.15 Х/Ф «ШОУ ТРУМАНА»
01.45 Х/Ф «ПАССАЖИРЫ» (16+)
